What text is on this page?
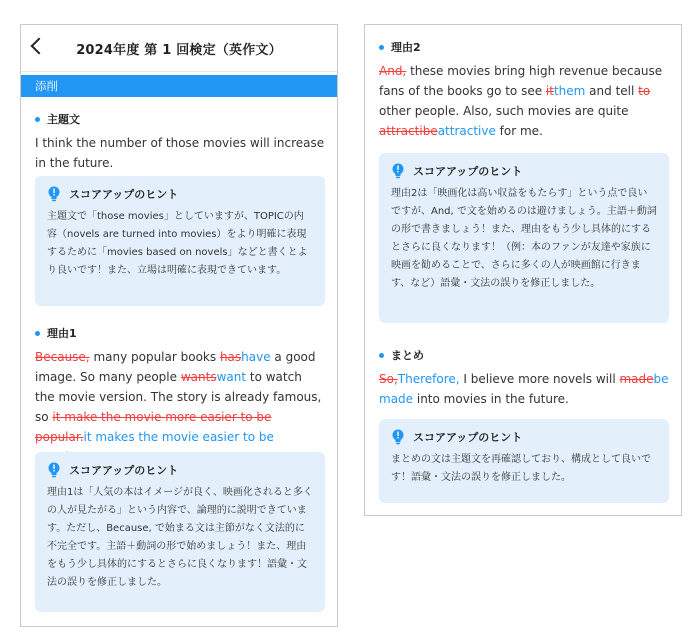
2024年度 第 1 回検定（英作文）
添削
主題文
I think the number of those movies will increase in the future.
スコアアップのヒント
主題文で「those movies」としていますが、TOPICの内容（novels are turned into movies）をより明確に表現するために「movies based on novels」などと書くとより良いです！また、立場は明確に表現できています。
理由1
Because, many popular books hashave a good image. So many people wantswant to watch the movie version. The story is already famous, so it make the movie more easier to be popular.it makes the movie easier to be
スコアアップのヒント
理由1は「人気の本はイメージが良く、映画化されると多くの人が見たがる」という内容で、論理的に説明できています。ただし、Because, で始まる文は主節がなく文法的に不完全です。主語＋動詞の形で始めましょう！また、理由をもう少し具体的にするとさらに良くなります！語彙・文法の誤りを修正しました。
理由2
And, these movies bring high revenue because fans of the books go to see itthem and tell to other people. Also, such movies are quite attractibeattractive for me.
スコアアップのヒント
理由2は「映画化は高い収益をもたらす」という点で良いですが、And, で文を始めるのは避けましょう。主語＋動詞の形で書きましょう！また、理由をもう少し具体的にするとさらに良くなります！（例：本のファンが友達や家族に映画を勧めることで、さらに多くの人が映画館に行きます、など）語彙・文法の誤りを修正しました。
まとめ
So,Therefore, I believe more novels will madebe made into movies in the future.
スコアアップのヒント
まとめの文は主題文を再確認しており、構成として良いです！語彙・文法の誤りを修正しました。
